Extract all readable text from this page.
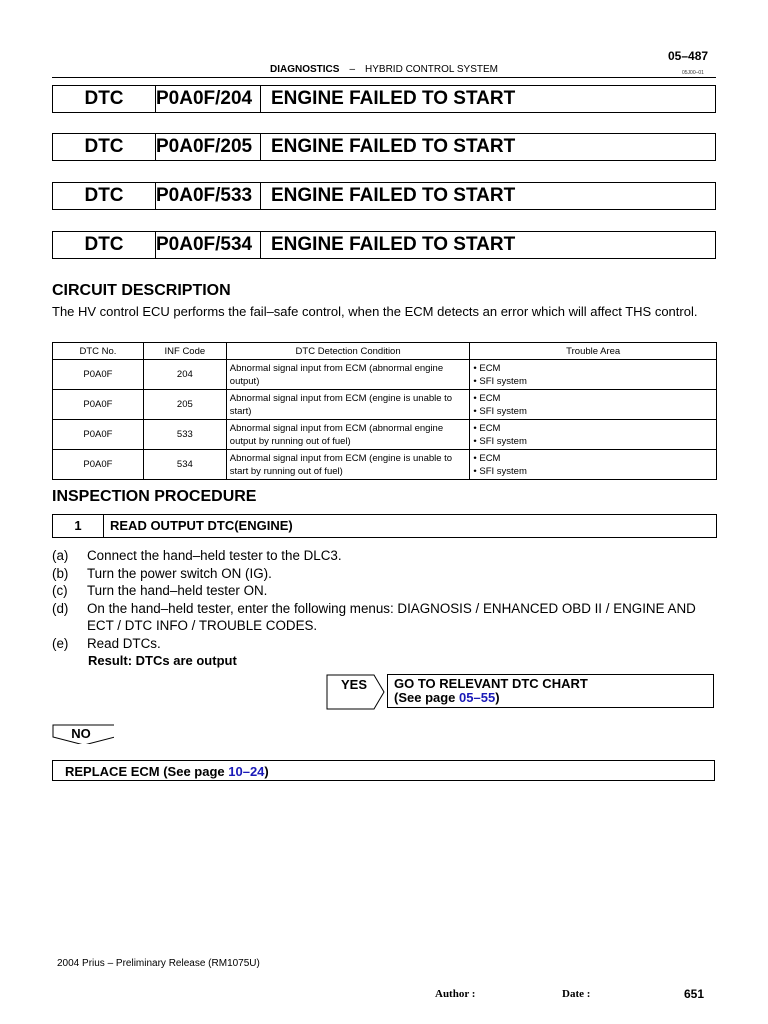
05–487
DIAGNOSTICS – HYBRID CONTROL SYSTEM	05J00–01
DTC	P0A0F/204 ENGINE FAILED TO START
DTC	P0A0F/205 ENGINE FAILED TO START
DTC	P0A0F/533 ENGINE FAILED TO START
DTC	P0A0F/534 ENGINE FAILED TO START
CIRCUIT DESCRIPTION
The HV control ECU performs the fail–safe control, when the ECM detects an error which will affect THS control.
DTC No.	INF Code	DTC Detection Condition	Trouble Area
P0A0F	204	Abnormal signal input from ECM (abnormal engine output)	• ECM
• SFI system

P0A0F	205	Abnormal signal input from ECM (engine is unable to start)	• ECM
• SFI system

P0A0F	533	Abnormal signal input from ECM (abnormal engine output by running out of fuel)	• ECM
• SFI system

P0A0F	534	Abnormal signal input from ECM (engine is unable to start by running out of fuel)	• ECM
• SFI system
INSPECTION PROCEDURE
1	READ OUTPUT DTC(ENGINE)
(a)	Connect the hand–held tester to the DLC3.
(b)	Turn the power switch ON (IG).
(c)	Turn the hand–held tester ON.
(d)	On the hand–held tester, enter the following menus: DIAGNOSIS / ENHANCED OBD II / ENGINE AND ECT / DTC INFO / TROUBLE CODES.
(e)	Read DTCs.
Result: DTCs are output
YES GO TO RELEVANT DTC CHART
(See page 05–55)
NO
REPLACE ECM (See page 10–24)
2004 Prius – Preliminary Release (RM1075U)
Author :	Date :	651
